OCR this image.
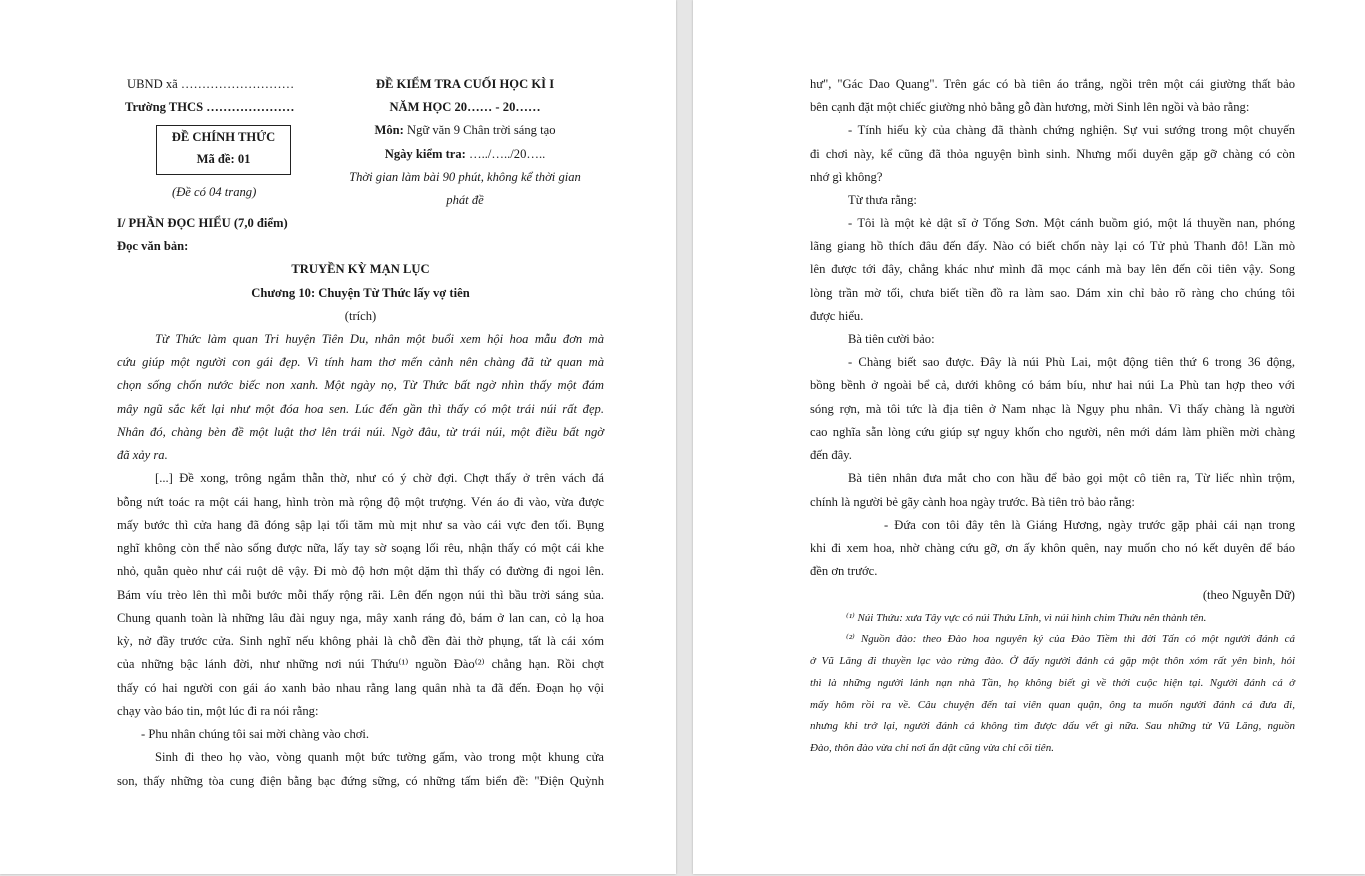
UBND xã ………………………
Trường THCS …………………
ĐỀ CHÍNH THỨC
Mã đề: 01
(Đề có 04 trang)
ĐỀ KIỂM TRA CUỐI HỌC KÌ I
NĂM HỌC 20…… - 20……
Môn: Ngữ văn 9 Chân trời sáng tạo
Ngày kiểm tra: …../…../20…..
Thời gian làm bài 90 phút, không kể thời gian
phát đề
I/ PHẦN ĐỌC HIỂU (7,0 điểm)
Đọc văn bản:
TRUYỀN KỲ MẠN LỤC
Chương 10: Chuyện Từ Thức lấy vợ tiên
(trích)
Từ Thức làm quan Tri huyện Tiên Du, nhân một buổi xem hội hoa mẫu đơn mà
cứu giúp một người con gái đẹp. Vì tính ham thơ mến cảnh nên chàng đã từ quan mà
chọn sống chốn nước biếc non xanh. Một ngày nọ, Từ Thức bất ngờ nhìn thấy một đám
mây ngũ sắc kết lại như một đóa hoa sen. Lúc đến gần thì thấy có một trái núi rất đẹp.
Nhân đó, chàng bèn đề một luật thơ lên trái núi. Ngờ đâu, từ trái núi, một điều bất ngờ
đã xảy ra.
[...] Đề xong, trông ngắm thẫn thờ, như có ý chờ đợi. Chợt thấy ở trên vách đá
bỗng nứt toác ra một cái hang, hình tròn mà rộng độ một trượng. Vén áo đi vào, vừa được
mấy bước thì cửa hang đã đóng sập lại tối tăm mù mịt như sa vào cái vực đen tối. Bụng
nghĩ không còn thể nào sống được nữa, lấy tay sờ soạng lối rêu, nhận thấy có một cái khe
nhỏ, quằn quèo như cái ruột dê vậy. Đi mò độ hơn một dặm thì thấy có đường đi ngoi lên.
Bám víu trèo lên thì mỗi bước mỗi thấy rộng rãi. Lên đến ngọn núi thì bầu trời sáng sủa.
Chung quanh toàn là những lâu đài nguy nga, mây xanh ráng đỏ, bám ở lan can, cỏ lạ hoa
kỳ, nở đầy trước cửa. Sinh nghĩ nếu không phải là chỗ đền đài thờ phụng, tất là cái xóm
của những bậc lánh đời, như những nơi núi Thứu⁽¹⁾ nguồn Đào⁽²⁾ chẳng hạn. Rồi chợt
thấy có hai người con gái áo xanh bảo nhau rằng lang quân nhà ta đã đến. Đoạn họ vội
chạy vào báo tin, một lúc đi ra nói rằng:
- Phu nhân chúng tôi sai mời chàng vào chơi.
Sinh đi theo họ vào, vòng quanh một bức tường gấm, vào trong một khung cửa
son, thấy những tòa cung điện bằng bạc đứng sững, có những tấm biển đề: "Điện Quỳnh
hư", "Gác Dao Quang". Trên gác có bà tiên áo trắng, ngồi trên một cái giường thất bảo
bên cạnh đặt một chiếc giường nhỏ bằng gỗ đàn hương, mời Sinh lên ngồi và bảo rằng:
- Tính hiếu kỳ của chàng đã thành chứng nghiện. Sự vui sướng trong một chuyến
đi chơi này, kể cũng đã thỏa nguyện bình sinh. Nhưng mối duyên gặp gỡ chàng có còn
nhớ gì không?
Từ thưa rằng:
- Tôi là một kẻ dật sĩ ở Tống Sơn. Một cánh buồm gió, một lá thuyền nan, phóng
lãng giang hồ thích đâu đến đấy. Nào có biết chốn này lại có Tử phủ Thanh đô! Lần mò
lên được tới đây, chẳng khác như mình đã mọc cánh mà bay lên đến cõi tiên vậy. Song
lòng trần mờ tối, chưa biết tiền đồ ra làm sao. Dám xin chỉ bảo rõ ràng cho chúng tôi
được hiểu.
Bà tiên cười bảo:
- Chàng biết sao được. Đây là núi Phù Lai, một động tiên thứ 6 trong 36 động,
bồng bềnh ở ngoài bể cả, dưới không có bám bíu, như hai núi La Phù tan hợp theo với
sóng rợn, mà tôi tức là địa tiên ở Nam nhạc là Ngụy phu nhân. Vì thấy chàng là người
cao nghĩa sẵn lòng cứu giúp sự nguy khốn cho người, nên mới dám làm phiền mời chàng
đến đây.
Bà tiên nhân đưa mắt cho con hầu để bảo gọi một cô tiên ra, Từ liếc nhìn trộm,
chính là người bẻ gãy cành hoa ngày trước. Bà tiên trỏ bảo rằng:
- Đứa con tôi đây tên là Giáng Hương, ngày trước gặp phải cái nạn trong
khi đi xem hoa, nhờ chàng cứu gỡ, ơn ấy khôn quên, nay muốn cho nó kết duyên để báo
đền ơn trước.
(theo Nguyễn Dữ)
⁽¹⁾ Núi Thứu: xưa Tây vực có núi Thứu Lĩnh, vì núi hình chim Thứu nên thành tên.
⁽²⁾ Nguồn đào: theo Đào hoa nguyên ký của Đào Tiềm thì đời Tấn có một người đánh cá
ở Vũ Lăng đi thuyền lạc vào rừng đào. Ở đấy người đánh cá gặp một thôn xóm rất yên bình, hỏi
thì là những người lánh nạn nhà Tần, họ không biết gì về thời cuộc hiện tại. Người đánh cá ở
mấy hôm rồi ra về. Câu chuyện đến tai viên quan quận, ông ta muốn người đánh cá đưa đi,
nhưng khi trở lại, người đánh cá không tìm được dấu vết gì nữa. Sau những từ Vũ Lăng, nguồn
Đào, thôn đào vừa chỉ nơi ẩn dật cũng vừa chỉ cõi tiên.
